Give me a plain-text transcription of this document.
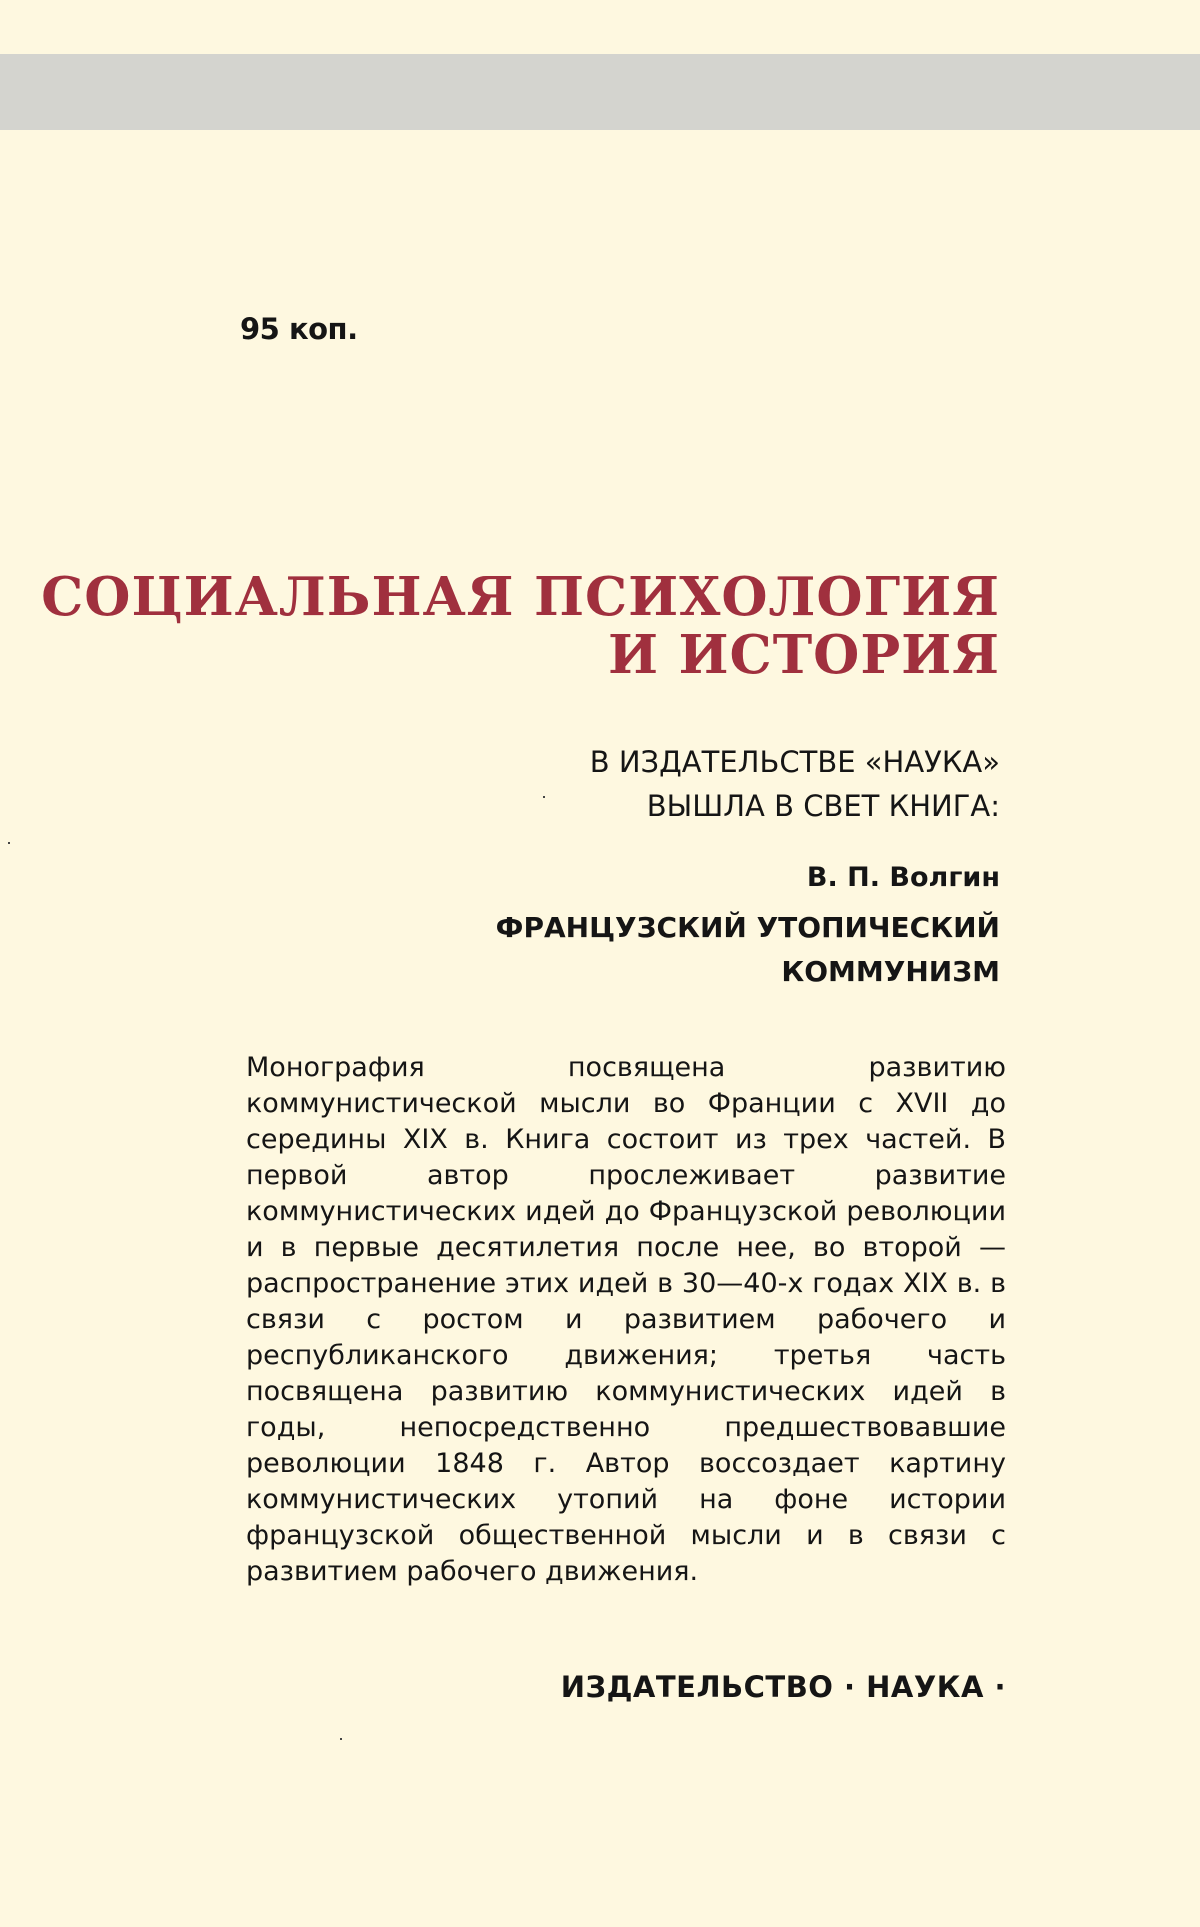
95 коп.
СОЦИАЛЬНАЯ ПСИХОЛОГИЯ
И ИСТОРИЯ
В ИЗДАТЕЛЬСТВЕ «НАУКА»
ВЫШЛА В СВЕТ КНИГА:
В. П. Волгин
ФРАНЦУЗСКИЙ УТОПИЧЕСКИЙ
КОММУНИЗМ
Монография посвящена развитию коммунистической мысли во Франции с XVII до середины XIX в. Книга состоит из трех частей. В первой автор прослеживает развитие коммунистических идей до Французской революции и в первые десятилетия после нее, во второй — распространение этих идей в 30—40-х годах XIX в. в связи с ростом и развитием рабочего и республиканского движения; третья часть посвящена развитию коммунистических идей в годы, непосредственно предшествовавшие революции 1848 г. Автор воссоздает картину коммунистических утопий на фоне истории французской общественной мысли и в связи с развитием рабочего движения.
ИЗДАТЕЛЬСТВО · НАУКА ·
